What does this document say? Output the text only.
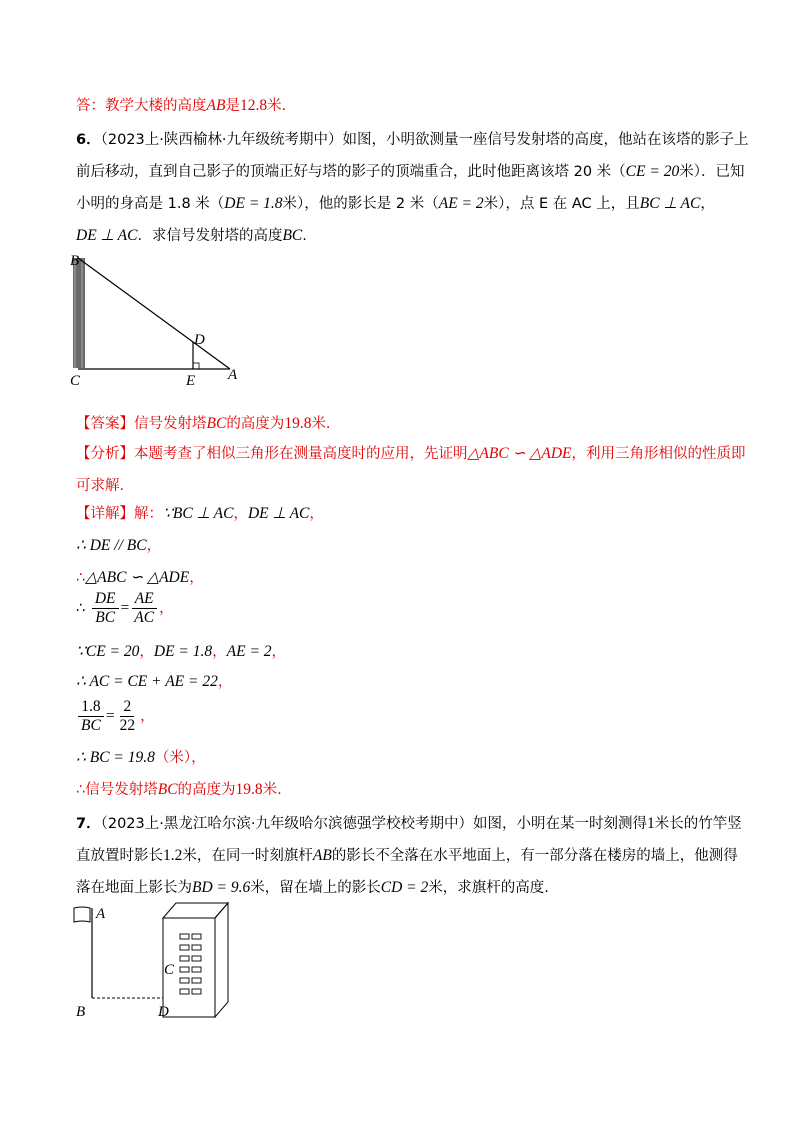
答：教学大楼的高度AB是12.8米.
6．（2023上·陕西榆林·九年级统考期中）如图，小明欲测量一座信号发射塔的高度，他站在该塔的影子上
前后移动，直到自己影子的顶端正好与塔的影子的顶端重合，此时他距离该塔 20 米（CE = 20米）．已知
小明的身高是 1.8 米（DE = 1.8米），他的影长是 2 米（AE = 2米），点 E 在 AC 上，且BC ⊥ AC，
DE ⊥ AC．求信号发射塔的高度BC.
B
C
D
E A
【答案】信号发射塔BC的高度为19.8米.
【分析】本题考查了相似三角形在测量高度时的应用，先证明△ABC ∽ △ADE，利用三角形相似的性质即
可求解.
【详解】解：∵BC ⊥ AC，DE ⊥ AC，
∴ DE // BC，
∴△ABC ∽ △ADE，
∴ $\frac{DE}{BC} = \frac{AE}{AC}$ ，
∵CE = 20，DE = 1.8，AE = 2，
∴ AC = CE + AE = 22，
$\frac{1.8}{BC} = \frac{2}{22}$ ，
∴ BC = 19.8（米），
∴信号发射塔BC的高度为19.8米.
7．（2023上·黑龙江哈尔滨·九年级哈尔滨德强学校校考期中）如图，小明在某一时刻测得1米长的竹竿竖
直放置时影长1.2米，在同一时刻旗杆AB的影长不全落在水平地面上，有一部分落在楼房的墙上，他测得
落在地面上影长为BD = 9.6米，留在墙上的影长CD = 2米，求旗杆的高度.
A
B
C
D
